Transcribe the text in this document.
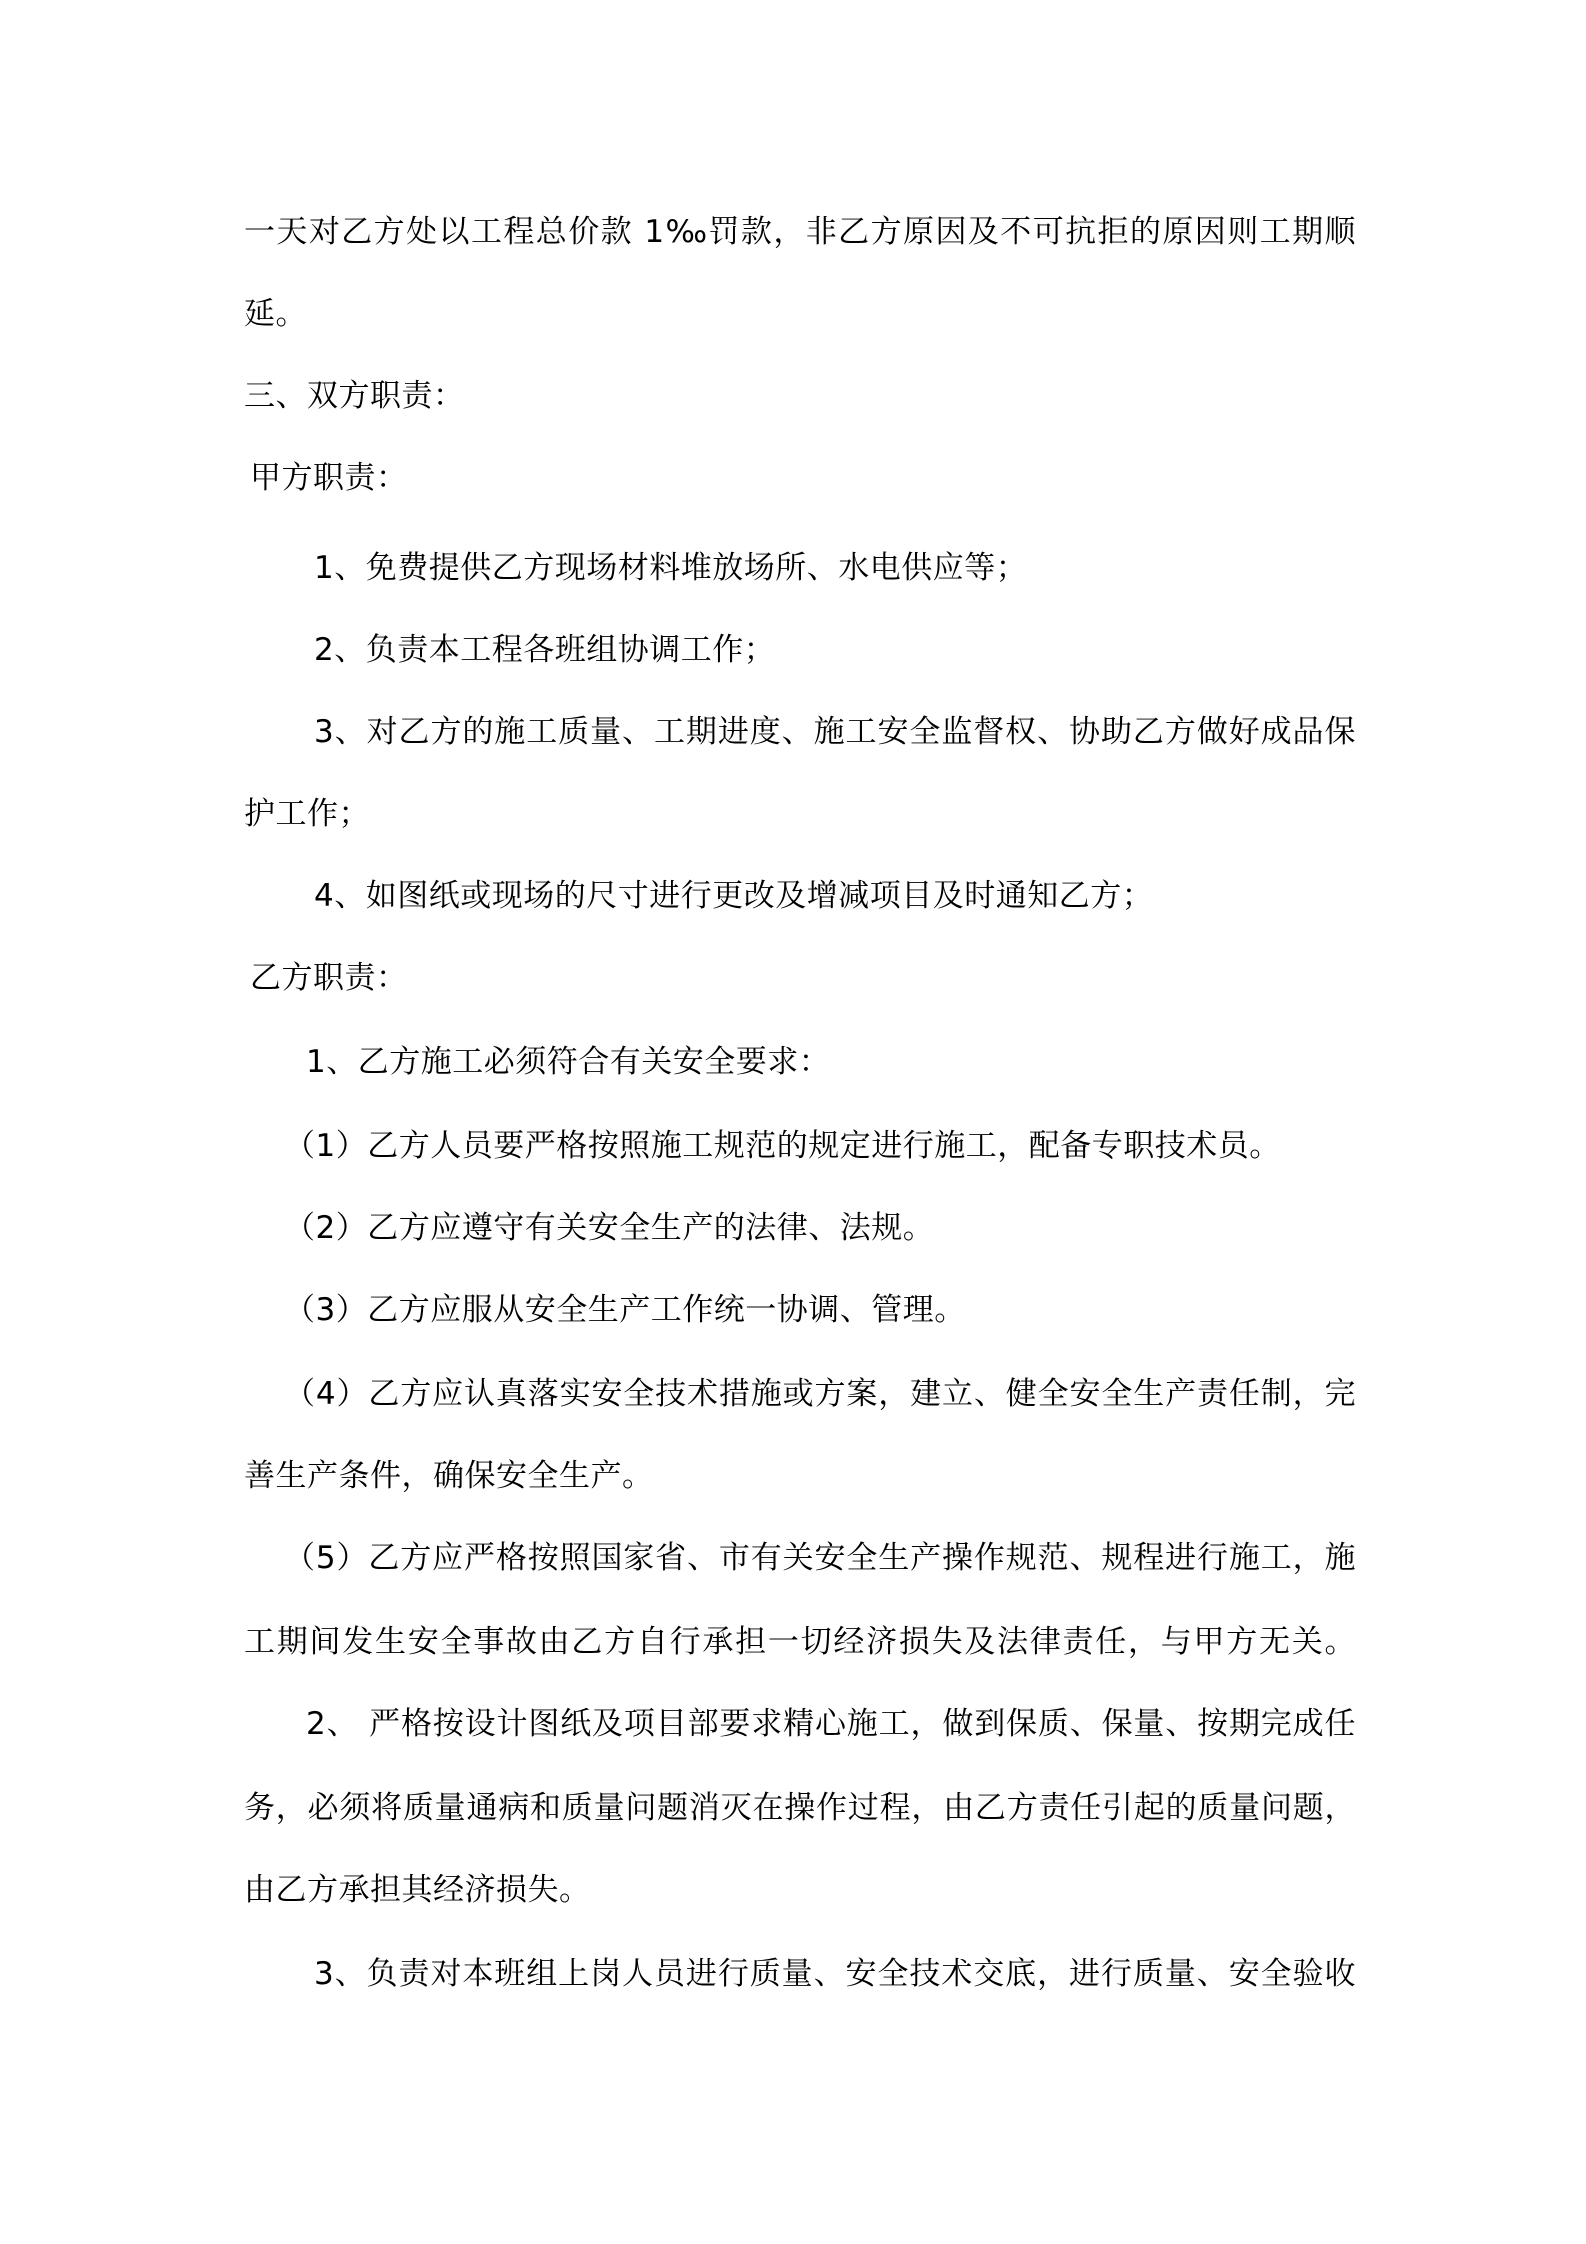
一天对乙方处以工程总价款 1‰罚款，非乙方原因及不可抗拒的原因则工期顺
延。
三、双方职责：
甲方职责：
1、免费提供乙方现场材料堆放场所、水电供应等；
2、负责本工程各班组协调工作；
3、对乙方的施工质量、工期进度、施工安全监督权、协助乙方做好成品保
护工作；
4、如图纸或现场的尺寸进行更改及增减项目及时通知乙方；
乙方职责：
1、乙方施工必须符合有关安全要求：
（1）乙方人员要严格按照施工规范的规定进行施工，配备专职技术员。
（2）乙方应遵守有关安全生产的法律、法规。
（3）乙方应服从安全生产工作统一协调、管理。
（4）乙方应认真落实安全技术措施或方案，建立、健全安全生产责任制，完
善生产条件，确保安全生产。
（5）乙方应严格按照国家省、市有关安全生产操作规范、规程进行施工，施
工期间发生安全事故由乙方自行承担一切经济损失及法律责任，与甲方无关。
2、 严格按设计图纸及项目部要求精心施工，做到保质、保量、按期完成任
务，必须将质量通病和质量问题消灭在操作过程，由乙方责任引起的质量问题，
由乙方承担其经济损失。
3、负责对本班组上岗人员进行质量、安全技术交底，进行质量、安全验收
